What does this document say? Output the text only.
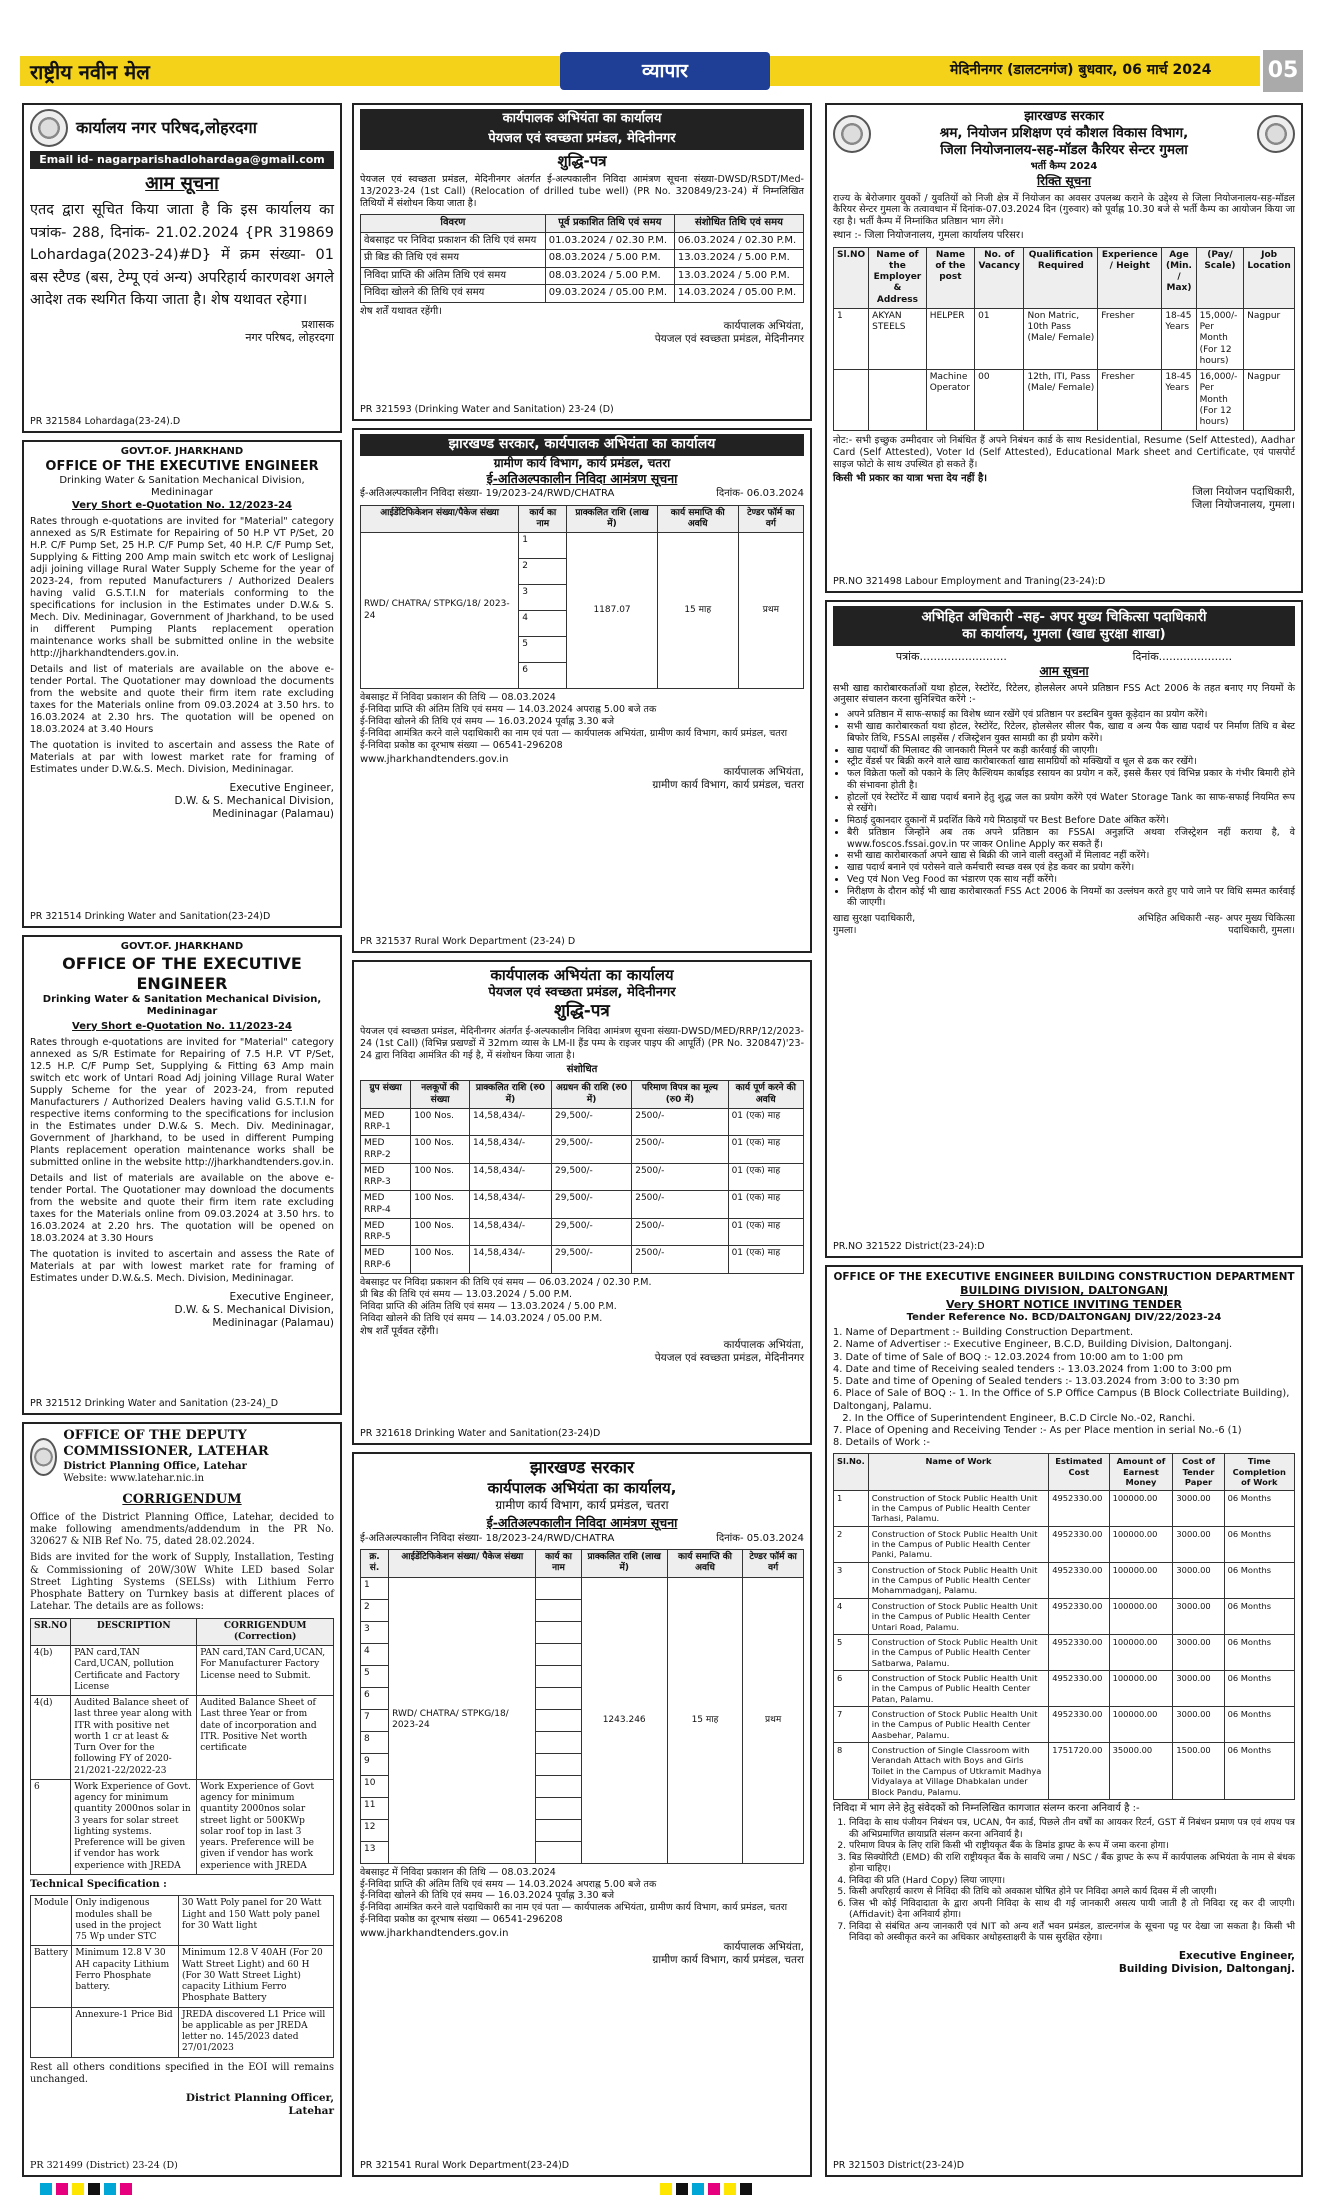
राष्ट्रीय नवीन मेल	व्यापार	मेदिनीनगर (डालटनगंज) बुधवार, 06 मार्च 2024	05
कार्यालय नगर परिषद,लोहरदगा
Email id- nagarparishadlohardaga@gmail.com
आम सूचना
एतद द्वारा सूचित किया जाता है कि इस कार्यालय का पत्रांक- 288, दिनांक- 21.02.2024 {PR 319869 Lohardaga(2023-24)#D} में क्रम संख्या- 01 बस स्टैण्ड (बस, टेम्पू एवं अन्य) अपरिहार्य कारणवश अगले आदेश तक स्थगित किया जाता है। शेष यथावत रहेगा।
प्रशासक
नगर परिषद, लोहरदगा
PR 321584 Lohardaga(23-24).D
GOVT.OF. JHARKHAND
OFFICE OF THE EXECUTIVE ENGINEER
Drinking Water & Sanitation Mechanical Division, Medininagar
Very Short e-Quotation No. 12/2023-24
Rates through e-quotations are invited for "Material" category annexed as S/R Estimate for Repairing of 50 H.P VT P/Set, 20 H.P. C/F Pump Set, 25 H.P. C/F Pump Set, 40 H.P. C/F Pump Set, Supplying & Fitting 200 Amp main switch etc work of Leslignaj adji joining village Rural Water Supply Scheme for the year of 2023-24, from reputed Manufacturers / Authorized Dealers having valid G.S.T.I.N for materials conforming to the specifications for inclusion in the Estimates under D.W.& S. Mech. Div. Medininagar, Government of Jharkhand, to be used in different Pumping Plants replacement operation maintenance works shall be submitted online in the website http://jharkhandtenders.gov.in.
Details and list of materials are available on the above e-tender Portal. The Quotationer may download the documents from the website and quote their firm item rate excluding taxes for the Materials online from 09.03.2024 at 3.50 hrs. to 16.03.2024 at 2.30 hrs. The quotation will be opened on 18.03.2024 at 3.40 Hours
The quotation is invited to ascertain and assess the Rate of Materials at par with lowest market rate for framing of Estimates under D.W.&.S. Mech. Division, Medininagar.
Executive Engineer,
D.W. & S. Mechanical Division,
Medininagar (Palamau)
PR 321514 Drinking Water and Sanitation(23-24)D
GOVT.OF. JHARKHAND
OFFICE OF THE EXECUTIVE ENGINEER
Drinking Water & Sanitation Mechanical Division, Medininagar
Very Short e-Quotation No. 11/2023-24
Rates through e-quotations are invited for "Material" category annexed as S/R Estimate for Repairing of 7.5 H.P. VT P/Set, 12.5 H.P. C/F Pump Set, Supplying & Fitting 63 Amp main switch etc work of Untari Road Adj joining Village Rural Water Supply Scheme for the year of 2023-24, from reputed Manufacturers / Authorized Dealers having valid G.S.T.I.N for respective items conforming to the specifications for inclusion in the Estimates under D.W.& S. Mech. Div. Medininagar, Government of Jharkhand, to be used in different Pumping Plants replacement operation maintenance works shall be submitted online in the website http://jharkhandtenders.gov.in.
Details and list of materials are available on the above e-tender Portal. The Quotationer may download the documents from the website and quote their firm item rate excluding taxes for the Materials online from 09.03.2024 at 3.50 hrs. to 16.03.2024 at 2.20 hrs. The quotation will be opened on 18.03.2024 at 3.30 Hours
The quotation is invited to ascertain and assess the Rate of Materials at par with lowest market rate for framing of Estimates under D.W.&.S. Mech. Division, Medininagar.
Executive Engineer,
D.W. & S. Mechanical Division,
Medininagar (Palamau)
PR 321512 Drinking Water and Sanitation (23-24)_D
OFFICE OF THE DEPUTY COMMISSIONER, LATEHAR
District Planning Office, Latehar
Website: www.latehar.nic.in
CORRIGENDUM
Office of the District Planning Office, Latehar, decided to make following amendments/addendum in the PR No. 320627 & NIB Ref No. 75, dated 28.02.2024.
Bids are invited for the work of Supply, Installation, Testing & Commissioning of 20W/30W White LED based Solar Street Lighting Systems (SELSs) with Lithium Ferro Phosphate Battery on Turnkey basis at different places of Latehar. The details are as follows:
SR.NO	DESCRIPTION	CORRIGENDUM (Correction)
4(b)	PAN card,TAN Card,UCAN, pollution Certificate and Factory License	PAN card,TAN Card,UCAN, For Manufacturer Factory License need to Submit.
4(d)	Audited Balance sheet of last three year along with ITR with positive net worth 1 cr at least & Turn Over for the following FY of 2020-21/2021-22/2022-23	Audited Balance Sheet of Last three Year or from date of incorporation and ITR. Positive Net worth certificate
6	Work Experience of Govt. agency for minimum quantity 2000nos solar in 3 years for solar street lighting systems. Preference will be given if vendor has work experience with JREDA	Work Experience of Govt agency for minimum quantity 2000nos solar street light or 500KWp solar roof top in last 3 years. Preference will be given if vendor has work experience with JREDA
Technical Specification :
Module	Only indigenous modules shall be used in the project 75 Wp under STC	30 Watt Poly panel for 20 Watt Light and 150 Watt poly panel for 30 Watt light
Battery	Minimum 12.8 V 30 AH capacity Lithium Ferro Phosphate battery.	Minimum 12.8 V 40AH (For 20 Watt Street Light) and 60 H (For 30 Watt Street Light) capacity Lithium Ferro Phosphate Battery
	Annexure-1 Price Bid	JREDA discovered L1 Price will be applicable as per JREDA letter no. 145/2023 dated 27/01/2023
Rest all others conditions specified in the EOI will remains unchanged.
District Planning Officer,
Latehar
PR 321499 (District) 23-24 (D)
कार्यपालक अभियंता का कार्यालय
पेयजल एवं स्वच्छता प्रमंडल, मेदिनीनगर
शुद्धि-पत्र
पेयजल एवं स्वच्छता प्रमंडल, मेदिनीनगर अंतर्गत ई-अल्पकालीन निविदा आमंत्रण सूचना संख्या-DWSD/RSDT/Med-13/2023-24 (1st Call) (Relocation of drilled tube well) (PR No. 320849/23-24) में निम्नलिखित तिथियों में संशोधन किया जाता है।
विवरण	पूर्व प्रकाशित तिथि एवं समय	संशोधित तिथि एवं समय
वेबसाइट पर निविदा प्रकाशन की तिथि एवं समय	01.03.2024 / 02.30 P.M.	06.03.2024 / 02.30 P.M.
प्री बिड की तिथि एवं समय	08.03.2024 / 5.00 P.M.	13.03.2024 / 5.00 P.M.
निविदा प्राप्ति की अंतिम तिथि एवं समय	08.03.2024 / 5.00 P.M.	13.03.2024 / 5.00 P.M.
निविदा खोलने की तिथि एवं समय	09.03.2024 / 05.00 P.M.	14.03.2024 / 05.00 P.M.
शेष शर्तें यथावत रहेंगी।
कार्यपालक अभियंता,
पेयजल एवं स्वच्छता प्रमंडल, मेदिनीनगर
PR 321593 (Drinking Water and Sanitation) 23-24 (D)
झारखण्ड सरकार, कार्यपालक अभियंता का कार्यालय
ग्रामीण कार्य विभाग, कार्य प्रमंडल, चतरा
ई-अतिअल्पकालीन निविदा आमंत्रण सूचना
ई-अतिअल्पकालीन निविदा संख्या- 19/2023-24/RWD/CHATRA	दिनांक- 06.03.2024
आईडेंटिफिकेशन संख्या/पैकेज संख्या	कार्य का नाम	प्राक्कलित राशि (लाख में)	कार्य समाप्ति की अवधि	टेण्डर फॉर्म का वर्ग
RWD/ CHATRA/ STPKG/18/ 2023-24	1	1187.07	15 माह	प्रथम
	2			
	3			
	4			
	5			
	6			
वेबसाइट में निविदा प्रकाशन की तिथि — 08.03.2024
ई-निविदा प्राप्ति की अंतिम तिथि एवं समय — 14.03.2024 अपराह्न 5.00 बजे तक
ई-निविदा खोलने की तिथि एवं समय — 16.03.2024 पूर्वाह्न 3.30 बजे
ई-निविदा आमंत्रित करने वाले पदाधिकारी का नाम एवं पता — कार्यपालक अभियंता, ग्रामीण कार्य विभाग, कार्य प्रमंडल, चतरा
ई-निविदा प्रकोष्ठ का दूरभाष संख्या — 06541-296208
www.jharkhandtenders.gov.in
कार्यपालक अभियंता,
ग्रामीण कार्य विभाग, कार्य प्रमंडल, चतरा
PR 321537 Rural Work Department (23-24) D
कार्यपालक अभियंता का कार्यालय
पेयजल एवं स्वच्छता प्रमंडल, मेदिनीनगर
शुद्धि-पत्र
पेयजल एवं स्वच्छता प्रमंडल, मेदिनीनगर अंतर्गत ई-अल्पकालीन निविदा आमंत्रण सूचना संख्या-DWSD/MED/RRP/12/2023-24 (1st Call) (विभिन्न प्रखण्डों में 32mm व्यास के LM-II हैंड पम्प के राइजर पाइप की आपूर्ति) (PR No. 320847)'23-24 द्वारा निविदा आमंत्रित की गई है, में संशोधन किया जाता है।
संशोधित
ग्रुप संख्या	नलकूपों की संख्या	प्राक्कलित राशि (रु0 में)	अग्रधन की राशि (रु0 में)	परिमाण विपत्र का मूल्य (रु0 में)	कार्य पूर्ण करने की अवधि
MED RRP-1	100 Nos.	14,58,434/-	29,500/-	2500/-	01 (एक) माह
MED RRP-2	100 Nos.	14,58,434/-	29,500/-	2500/-	01 (एक) माह
MED RRP-3	100 Nos.	14,58,434/-	29,500/-	2500/-	01 (एक) माह
MED RRP-4	100 Nos.	14,58,434/-	29,500/-	2500/-	01 (एक) माह
MED RRP-5	100 Nos.	14,58,434/-	29,500/-	2500/-	01 (एक) माह
MED RRP-6	100 Nos.	14,58,434/-	29,500/-	2500/-	01 (एक) माह
वेबसाइट पर निविदा प्रकाशन की तिथि एवं समय — 06.03.2024 / 02.30 P.M.
प्री बिड की तिथि एवं समय — 13.03.2024 / 5.00 P.M.
निविदा प्राप्ति की अंतिम तिथि एवं समय — 13.03.2024 / 5.00 P.M.
निविदा खोलने की तिथि एवं समय — 14.03.2024 / 05.00 P.M.
शेष शर्तें पूर्ववत रहेंगी।
कार्यपालक अभियंता,
पेयजल एवं स्वच्छता प्रमंडल, मेदिनीनगर
PR 321618 Drinking Water and Sanitation(23-24)D
झारखण्ड सरकार
कार्यपालक अभियंता का कार्यालय,
ग्रामीण कार्य विभाग, कार्य प्रमंडल, चतरा
ई-अतिअल्पकालीन निविदा आमंत्रण सूचना
ई-अतिअल्पकालीन निविदा संख्या- 18/2023-24/RWD/CHATRA	दिनांक- 05.03.2024
क्र. सं.	आईडेंटिफिकेशन संख्या/ पैकेज संख्या	कार्य का नाम	प्राक्कलित राशि (लाख में)	कार्य समाप्ति की अवधि	टेण्डर फॉर्म का वर्ग
1	RWD/ CHATRA/ STPKG/18/ 2023-24		1243.246	15 माह	प्रथम
2					
3					
4					
5					
6					
7					
8					
9					
10					
11					
12					
13					
वेबसाइट में निविदा प्रकाशन की तिथि — 08.03.2024
ई-निविदा प्राप्ति की अंतिम तिथि एवं समय — 14.03.2024 अपराह्न 5.00 बजे तक
ई-निविदा खोलने की तिथि एवं समय — 16.03.2024 पूर्वाह्न 3.30 बजे
ई-निविदा आमंत्रित करने वाले पदाधिकारी का नाम एवं पता — कार्यपालक अभियंता, ग्रामीण कार्य विभाग, कार्य प्रमंडल, चतरा
ई-निविदा प्रकोष्ठ का दूरभाष संख्या — 06541-296208
www.jharkhandtenders.gov.in
कार्यपालक अभियंता,
ग्रामीण कार्य विभाग, कार्य प्रमंडल, चतरा
PR 321541 Rural Work Department(23-24)D
झारखण्ड सरकार
श्रम, नियोजन प्रशिक्षण एवं कौशल विकास विभाग,
जिला नियोजनालय-सह-मॉडल कैरियर सेन्टर गुमला
भर्ती कैम्प 2024
रिक्ति सूचना
राज्य के बेरोजगार युवकों / युवतियों को निजी क्षेत्र में नियोजन का अवसर उपलब्ध कराने के उद्देश्य से जिला नियोजनालय-सह-मॉडल कैरियर सेन्टर गुमला के तत्वावधान में दिनांक-07.03.2024 दिन (गुरुवार) को पूर्वाह्न 10.30 बजे से भर्ती कैम्प का आयोजन किया जा रहा है। भर्ती कैम्प में निम्नांकित प्रतिष्ठान भाग लेंगे।
स्थान :- जिला नियोजनालय, गुमला कार्यालय परिसर।
Sl.NO	Name of the Employer & Address	Name of the post	No. of Vacancy	Qualification Required	Experience / Height	Age (Min. / Max)	(Pay/ Scale)	Job Location
1	AKYAN STEELS	HELPER	01	Non Matric, 10th Pass (Male/ Female)	Fresher	18-45 Years	15,000/- Per Month (For 12 hours)	Nagpur
		Machine Operator	00	12th, ITI, Pass (Male/ Female)	Fresher	18-45 Years	16,000/- Per Month (For 12 hours)	Nagpur
नोट:- सभी इच्छुक उम्मीदवार जो निबंधित हैं अपने निबंधन कार्ड के साथ Residential, Resume (Self Attested), Aadhar Card (Self Attested), Voter Id (Self Attested), Educational Mark sheet and Certificate, एवं पासपोर्ट साइज फोटो के साथ उपस्थित हो सकते हैं।
किसी भी प्रकार का यात्रा भत्ता देय नहीं है।
जिला नियोजन पदाधिकारी,
जिला नियोजनालय, गुमला।
PR.NO 321498 Labour Employment and Traning(23-24):D
अभिहित अधिकारी -सह- अपर मुख्य चिकित्सा पदाधिकारी
का कार्यालय, गुमला (खाद्य सुरक्षा शाखा)
पत्रांक.........................	दिनांक.....................
आम सूचना
सभी खाद्य कारोबारकर्ताओं यथा होटल, रेस्टोरेंट, रिटेलर, होलसेलर अपने प्रतिष्ठान FSS Act 2006 के तहत बनाए गए नियमों के अनुसार संचालन करना सुनिश्चित करेंगे :-
• अपने प्रतिष्ठान में साफ-सफाई का विशेष ध्यान रखेंगे एवं प्रतिष्ठान पर डस्टबिन युक्त कूड़ेदान का प्रयोग करेंगे।
• सभी खाद्य कारोबारकर्ता यथा होटल, रेस्टोरेंट, रिटेलर, होलसेलर सीलर पैक, खाद्य व अन्य पैक खाद्य पदार्थ पर निर्माण तिथि व बेस्ट बिफोर तिथि, FSSAI लाइसेंस / रजिस्ट्रेशन युक्त सामग्री का ही प्रयोग करेंगे।
• खाद्य पदार्थों की मिलावट की जानकारी मिलने पर कड़ी कार्रवाई की जाएगी।
• स्ट्रीट वेंडर्स पर बिक्री करने वाले खाद्य कारोबारकर्ता खाद्य सामग्रियों को मक्खियों व धूल से ढक कर रखेंगे।
• फल विक्रेता फलों को पकाने के लिए कैल्शियम कार्बाइड रसायन का प्रयोग न करें, इससे कैंसर एवं विभिन्न प्रकार के गंभीर बिमारी होने की संभावना होती है।
• होटलों एवं रेस्टोरेंट में खाद्य पदार्थ बनाने हेतु शुद्ध जल का प्रयोग करेंगे एवं Water Storage Tank का साफ-सफाई नियमित रूप से रखेंगे।
• मिठाई दुकानदार दुकानों में प्रदर्शित किये गये मिठाइयों पर Best Before Date अंकित करेंगे।
• बैरी प्रतिष्ठान जिन्होंने अब तक अपने प्रतिष्ठान का FSSAI अनुज्ञप्ति अथवा रजिस्ट्रेशन नहीं कराया है, वे www.foscos.fssai.gov.in पर जाकर Online Apply कर सकते हैं।
• सभी खाद्य कारोबारकर्ता अपने खाद्य से बिक्री की जाने वाली वस्तुओं में मिलावट नहीं करेंगे।
• खाद्य पदार्थ बनाने एवं परोसने वाले कर्मचारी स्वच्छ वस्त्र एवं हेड कवर का प्रयोग करेंगे।
• Veg एवं Non Veg Food का भंडारण एक साथ नहीं करेंगे।
• निरीक्षण के दौरान कोई भी खाद्य कारोबारकर्ता FSS Act 2006 के नियमों का उल्लंघन करते हुए पाये जाने पर विधि सम्मत कार्रवाई की जाएगी।
खाद्य सुरक्षा पदाधिकारी,
गुमला।
अभिहित अधिकारी -सह- अपर मुख्य चिकित्सा पदाधिकारी, गुमला।
PR.NO 321522 District(23-24):D
OFFICE OF THE EXECUTIVE ENGINEER BUILDING CONSTRUCTION DEPARTMENT
BUILDING DIVISION, DALTONGANJ
Very SHORT NOTICE INVITING TENDER
Tender Reference No. BCD/DALTONGANJ DIV/22/2023-24
1. Name of Department :- Building Construction Department.
2. Name of Advertiser :- Executive Engineer, B.C.D, Building Division, Daltonganj.
3. Date of time of Sale of BOQ :- 12.03.2024 from 10:00 am to 1:00 pm
4. Date and time of Receiving sealed tenders :- 13.03.2024 from 1:00 to 3:00 pm
5. Date and time of Opening of Sealed tenders :- 13.03.2024 from 3:00 to 3:30 pm
6. Place of Sale of BOQ :- 1. In the Office of S.P Office Campus (B Block Collectriate Building), Daltonganj, Palamu.
2. In the Office of Superintendent Engineer, B.C.D Circle No.-02, Ranchi.
7. Place of Opening and Receiving Tender :- As per Place mention in serial No.-6 (1)
8. Details of Work :-
Sl.No.	Name of Work	Estimated Cost	Amount of Earnest Money	Cost of Tender Paper	Time Completion of Work
1	Construction of Stock Public Health Unit in the Campus of Public Health Center Tarhasi, Palamu.	4952330.00	100000.00	3000.00	06 Months
2	Construction of Stock Public Health Unit in the Campus of Public Health Center Panki, Palamu.	4952330.00	100000.00	3000.00	06 Months
3	Construction of Stock Public Health Unit in the Campus of Public Health Center Mohammadganj, Palamu.	4952330.00	100000.00	3000.00	06 Months
4	Construction of Stock Public Health Unit in the Campus of Public Health Center Untari Road, Palamu.	4952330.00	100000.00	3000.00	06 Months
5	Construction of Stock Public Health Unit in the Campus of Public Health Center Satbarwa, Palamu.	4952330.00	100000.00	3000.00	06 Months
6	Construction of Stock Public Health Unit in the Campus of Public Health Center Patan, Palamu.	4952330.00	100000.00	3000.00	06 Months
7	Construction of Stock Public Health Unit in the Campus of Public Health Center Aasbehar, Palamu.	4952330.00	100000.00	3000.00	06 Months
8	Construction of Single Classroom with Verandah Attach with Boys and Girls Toilet in the Campus of Utkramit Madhya Vidyalaya at Village Dhabkalan under Block Pandu, Palamu.	1751720.00	35000.00	1500.00	06 Months
निविदा में भाग लेने हेतु संवेदकों को निम्नलिखित कागजात संलग्न करना अनिवार्य है :-
1. निविदा के साथ पंजीयन निबंधन पत्र, UCAN, पैन कार्ड, पिछले तीन वर्षों का आयकर रिटर्न, GST में निबंधन प्रमाण पत्र एवं शपथ पत्र की अभिप्रमाणित छायाप्रति संलग्न करना अनिवार्य है।
2. परिमाण विपत्र के लिए राशि किसी भी राष्ट्रीयकृत बैंक के डिमांड ड्राफ्ट के रूप में जमा करना होगा।
3. बिड सिक्योरिटी (EMD) की राशि राष्ट्रीयकृत बैंक के सावधि जमा / NSC / बैंक ड्राफ्ट के रूप में कार्यपालक अभियंता के नाम से बंधक होना चाहिए।
4. निविदा की प्रति (Hard Copy) लिया जाएगा।
5. किसी अपरिहार्य कारण से निविदा की तिथि को अवकाश घोषित होने पर निविदा अगले कार्य दिवस में ली जाएगी।
6. जिस भी कोई निविदादाता के द्वारा अपनी निविदा के साथ दी गई जानकारी असत्य पायी जाती है तो निविदा रद्द कर दी जाएगी। (Affidavit) देना अनिवार्य होगा।
7. निविदा से संबंधित अन्य जानकारी एवं NIT को अन्य शर्तें भवन प्रमंडल, डाल्टनगंज के सूचना पट्ट पर देखा जा सकता है। किसी भी निविदा को अस्वीकृत करने का अधिकार अधोहस्ताक्षरी के पास सुरक्षित रहेगा।
Executive Engineer,
Building Division, Daltonganj.
PR 321503 District(23-24)D
